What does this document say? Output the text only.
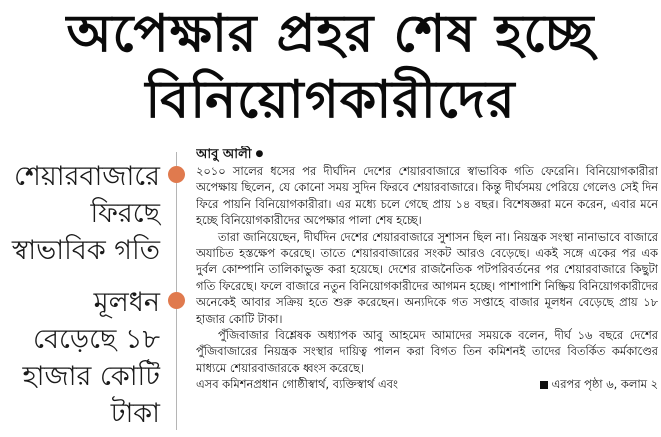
অপেক্ষার প্রহর শেষ হচ্ছে
বিনিয়োগকারীদের
শেয়ারবাজারে
ফিরছে
স্বাভাবিক গতি
মূলধন
বেড়েছে ১৮
হাজার কোটি
টাকা

আবু আলী ●

২০১০ সালের ধসের পর দীর্ঘদিন দেশের শেয়ারবাজারে স্বাভাবিক গতি ফেরেনি। বিনিয়োগকারীরা অপেক্ষায় ছিলেন, যে কোনো সময় সুদিন ফিরবে শেয়ারবাজারে। কিন্তু দীর্ঘসময় পেরিয়ে গেলেও সেই দিন ফিরে পায়নি বিনিয়োগকারীরা। এর মধ্যে চলে গেছে প্রায় ১৪ বছর। বিশেষজ্ঞরা মনে করেন, এবার মনে হচ্ছে বিনিয়োগকারীদের অপেক্ষার পালা শেষ হচ্ছে।

তারা জানিয়েছেন, দীর্ঘদিন দেশের শেয়ারবাজারে সুশাসন ছিল না। নিয়ন্ত্রক সংস্থা নানাভাবে বাজারে অযাচিত হস্তক্ষেপ করেছে। তাতে শেয়ারবাজারের সংকট আরও বেড়েছে। একই সঙ্গে একের পর এক দুর্বল কোম্পানি তালিকাভুক্ত করা হয়েছে। দেশের রাজনৈতিক পটপরিবর্তনের পর শেয়ারবাজারে কিছুটা গতি ফিরেছে। ফলে বাজারে নতুন বিনিয়োগকারীদের আগমন হচ্ছে। পাশাপাশি নিষ্ক্রিয় বিনিয়োগকারীদের অনেকেই আবার সক্রিয় হতে শুরু করেছেন। অন্যদিকে গত সপ্তাহে বাজার মূলধন বেড়েছে প্রায় ১৮ হাজার কোটি টাকা।

পুঁজিবাজার বিশ্লেষক অধ্যাপক আবু আহমেদ আমাদের সময়কে বলেন, দীর্ঘ ১৬ বছরে দেশের পুঁজিবাজারের নিয়ন্ত্রক সংস্থার দায়িত্ব পালন করা বিগত তিন কমিশনই তাদের বিতর্কিত কর্মকাণ্ডের মাধ্যমে শেয়ারবাজারকে ধ্বংস করেছে।

এসব কমিশনপ্রধান গোষ্ঠীস্বার্থ, ব্যক্তিস্বার্থ এবং	এরপর পৃষ্ঠা ৬, কলাম ২
